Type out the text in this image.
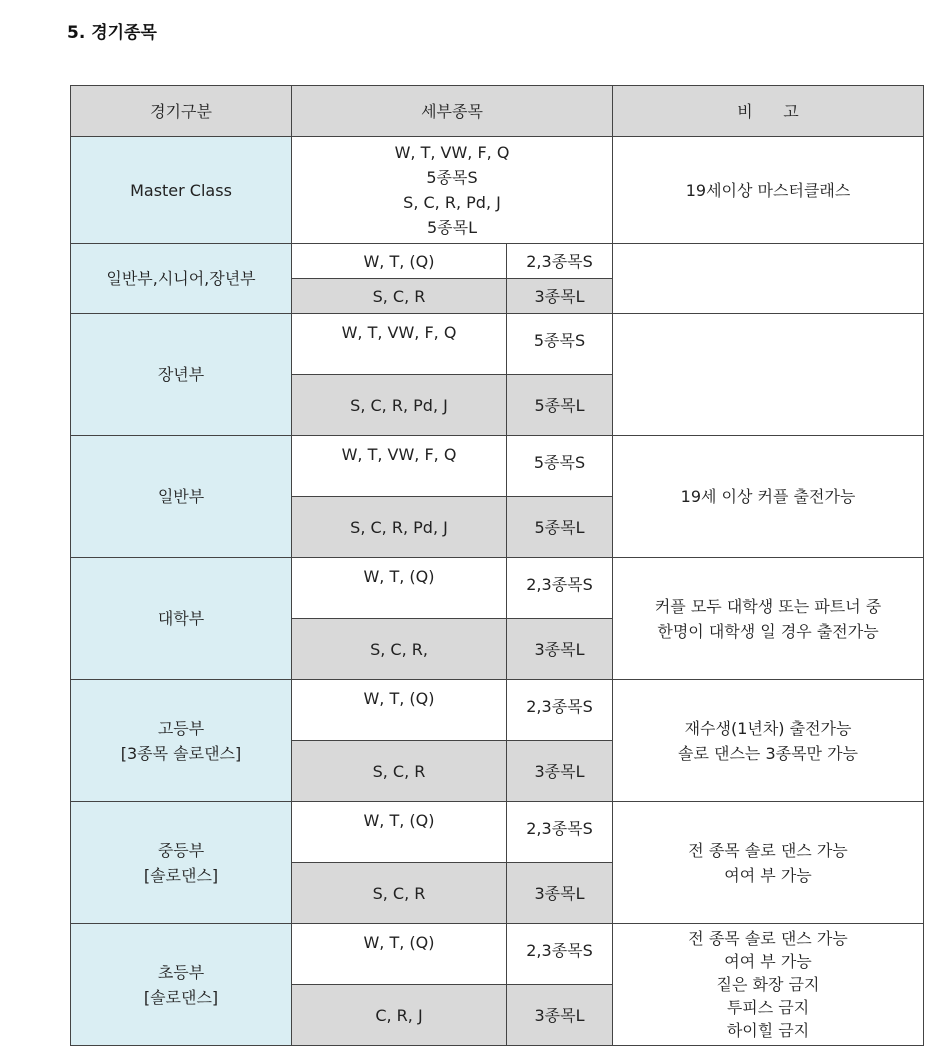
5. 경기종목
경기구분	세부종목		비      고
Master Class	W, T, VW, F, Q
5종목S
S, C, R, Pd, J
5종목L		19세이상 마스터클래스

일반부,시니어,장년부	W, T, (Q)	2,3종목S	
	S, C, R	3종목L	

장년부	W, T, VW, F, Q	5종목S	
	S, C, R, Pd, J	5종목L	

일반부	W, T, VW, F, Q	5종목S	19세 이상 커플 출전가능

	S, C, R, Pd, J	5종목L	

대학부	W, T, (Q)	2,3종목S	커플 모두 대학생 또는 파트너 중
한명이 대학생 일 경우 출전가능

	S, C, R,	3종목L	

고등부
[3종목 솔로댄스]	W, T, (Q)	2,3종목S	재수생(1년차) 출전가능
솔로 댄스는 3종목만 가능

	S, C, R	3종목L	

중등부
[솔로댄스]	W, T, (Q)	2,3종목S	전 종목 솔로 댄스 가능
여여 부 가능

	S, C, R	3종목L	

초등부
[솔로댄스]	W, T, (Q)	2,3종목S	전 종목 솔로 댄스 가능
여여 부 가능
짙은 화장 금지
투피스 금지
하이힐 금지

	C, R, J	3종목L	
